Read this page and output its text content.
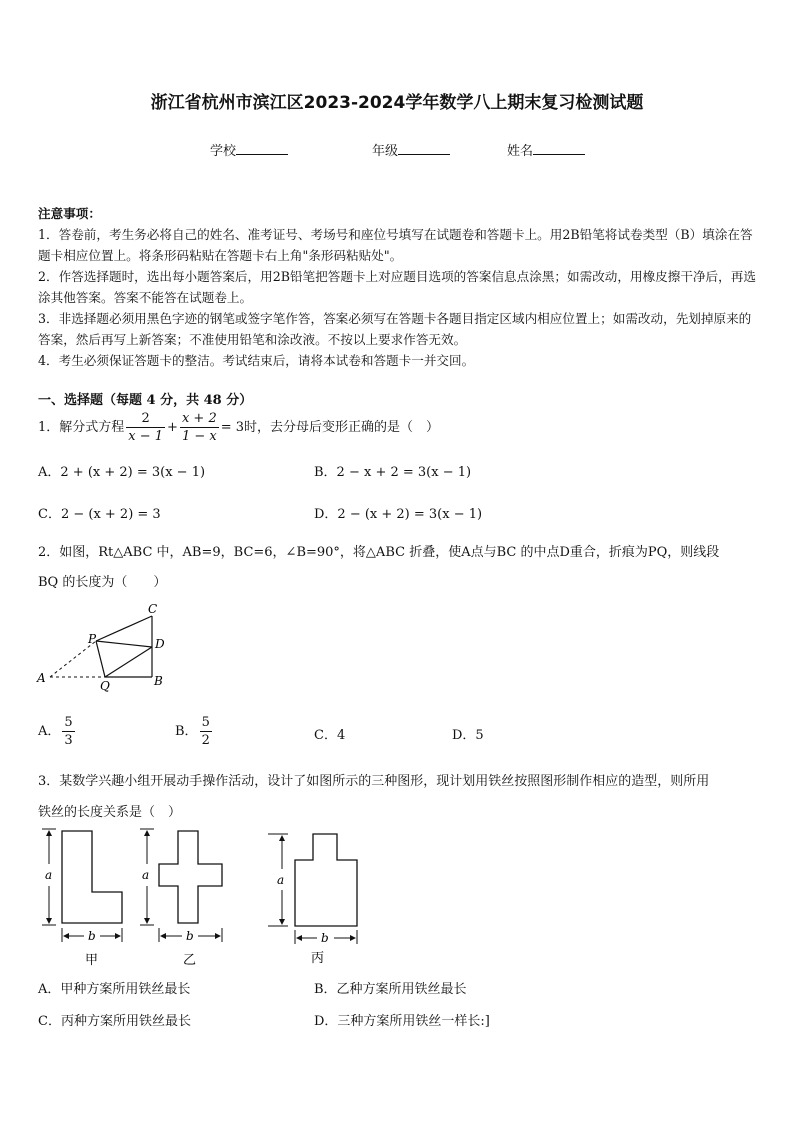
浙江省杭州市滨江区2023-2024学年数学八上期末复习检测试题
学校	年级	姓名

注意事项：

1．答卷前，考生务必将自己的姓名、准考证号、考场号和座位号填写在试题卷和答题卡上。用2B铅笔将试卷类型（B）填涂在答题卡相应位置上。将条形码粘贴在答题卡右上角"条形码粘贴处"。

2．作答选择题时，选出每小题答案后，用2B铅笔把答题卡上对应题目选项的答案信息点涂黑；如需改动，用橡皮擦干净后，再选涂其他答案。答案不能答在试题卷上。

3．非选择题必须用黑色字迹的钢笔或签字笔作答，答案必须写在答题卡各题目指定区域内相应位置上；如需改动，先划掉原来的答案，然后再写上新答案；不准使用铅笔和涂改液。不按以上要求作答无效。

4．考生必须保证答题卡的整洁。考试结束后，请将本试卷和答题卡一并交回。

一、选择题（每题 4 分，共 48 分）
1．解分式方程 $\frac{2}{x - 1} + \frac{x + 2}{1 - x} = 3$时，去分母后变形正确的是（　）
A．2 + (x + 2) = 3(x − 1)	B．2 − x + 2 = 3(x − 1)
C．2 − (x + 2) = 3	D．2 − (x + 2) = 3(x − 1)
2．如图，Rt△ABC 中，AB=9，BC=6，∠B=90°，将△ABC 折叠，使A点与BC 的中点D重合，折痕为PQ，则线段
BQ 的长度为（　　）
A	B
C
D
P
Q
A． $\frac{5}{3}$	B． $\frac{5}{2}$	C．4	D．5
3．某数学兴趣小组开展动手操作活动，设计了如图所示的三种图形，现计划用铁丝按照图形制作相应的造型，则所用
铁丝的长度关系是（　）
a
b
甲
a
b
乙
a
b
丙
A．甲种方案所用铁丝最长	B．乙种方案所用铁丝最长
C．丙种方案所用铁丝最长	D．三种方案所用铁丝一样长:]
